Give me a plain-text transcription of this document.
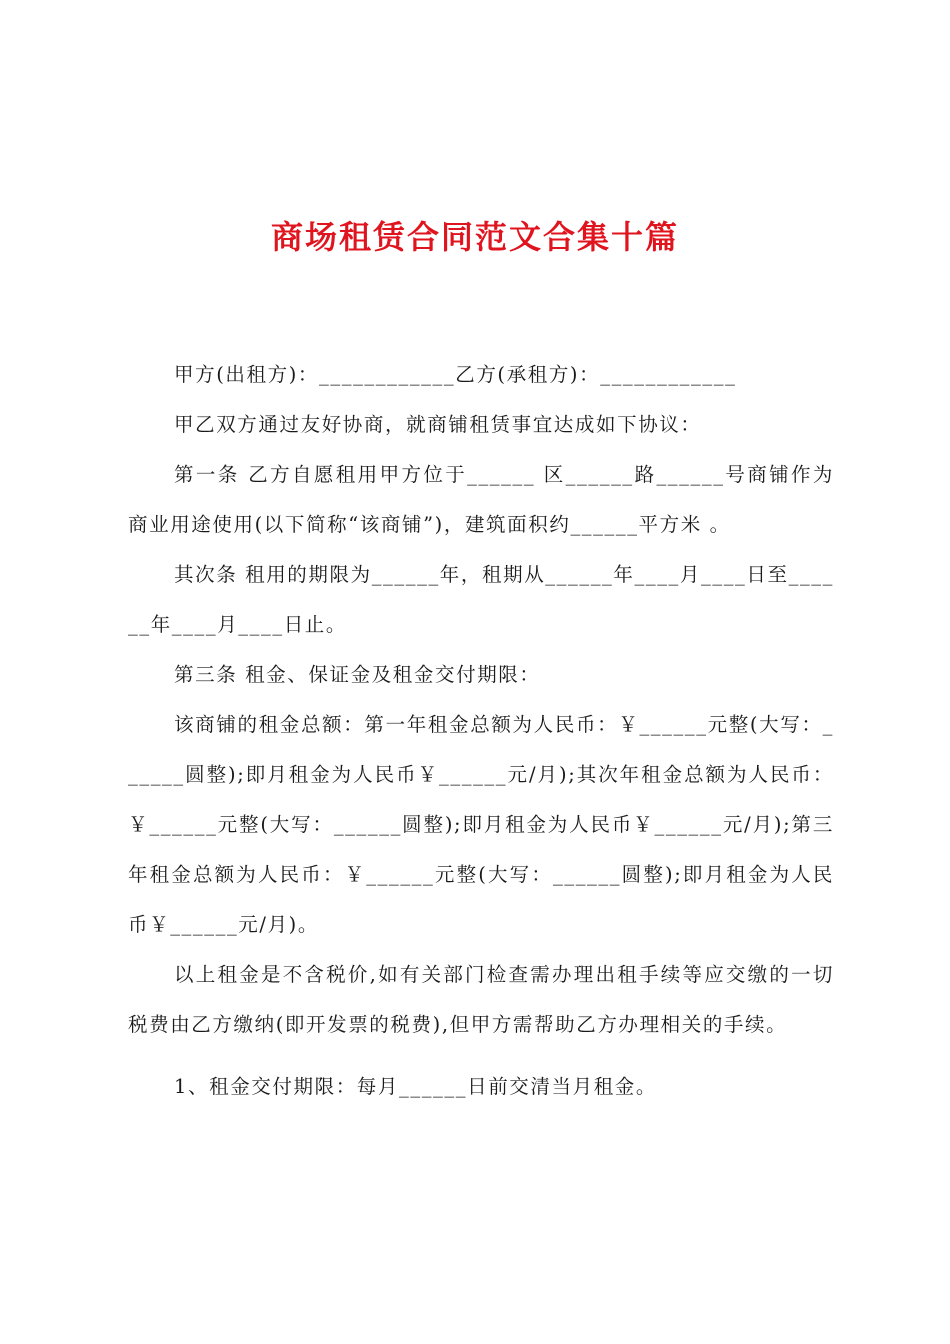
商场租赁合同范文合集十篇

甲方(出租方)：____________乙方(承租方)：____________

甲乙双方通过友好协商，就商铺租赁事宜达成如下协议：

第一条 乙方自愿租用甲方位于______ 区______路______号商铺作为商业用途使用(以下简称“该商铺”)，建筑面积约______平方米 。

其次条 租用的期限为______年，租期从______年____月____日至______年____月____日止。

第三条 租金、保证金及租金交付期限：

该商铺的租金总额：第一年租金总额为人民币：￥______元整(大写：______圆整);即月租金为人民币￥______元/月);其次年租金总额为人民币：￥______元整(大写：______圆整);即月租金为人民币￥______元/月);第三年租金总额为人民币：￥______元整(大写：______圆整);即月租金为人民币￥______元/月)。

以上租金是不含税价,如有关部门检查需办理出租手续等应交缴的一切税费由乙方缴纳(即开发票的税费),但甲方需帮助乙方办理相关的手续。

1、租金交付期限：每月______日前交清当月租金。
